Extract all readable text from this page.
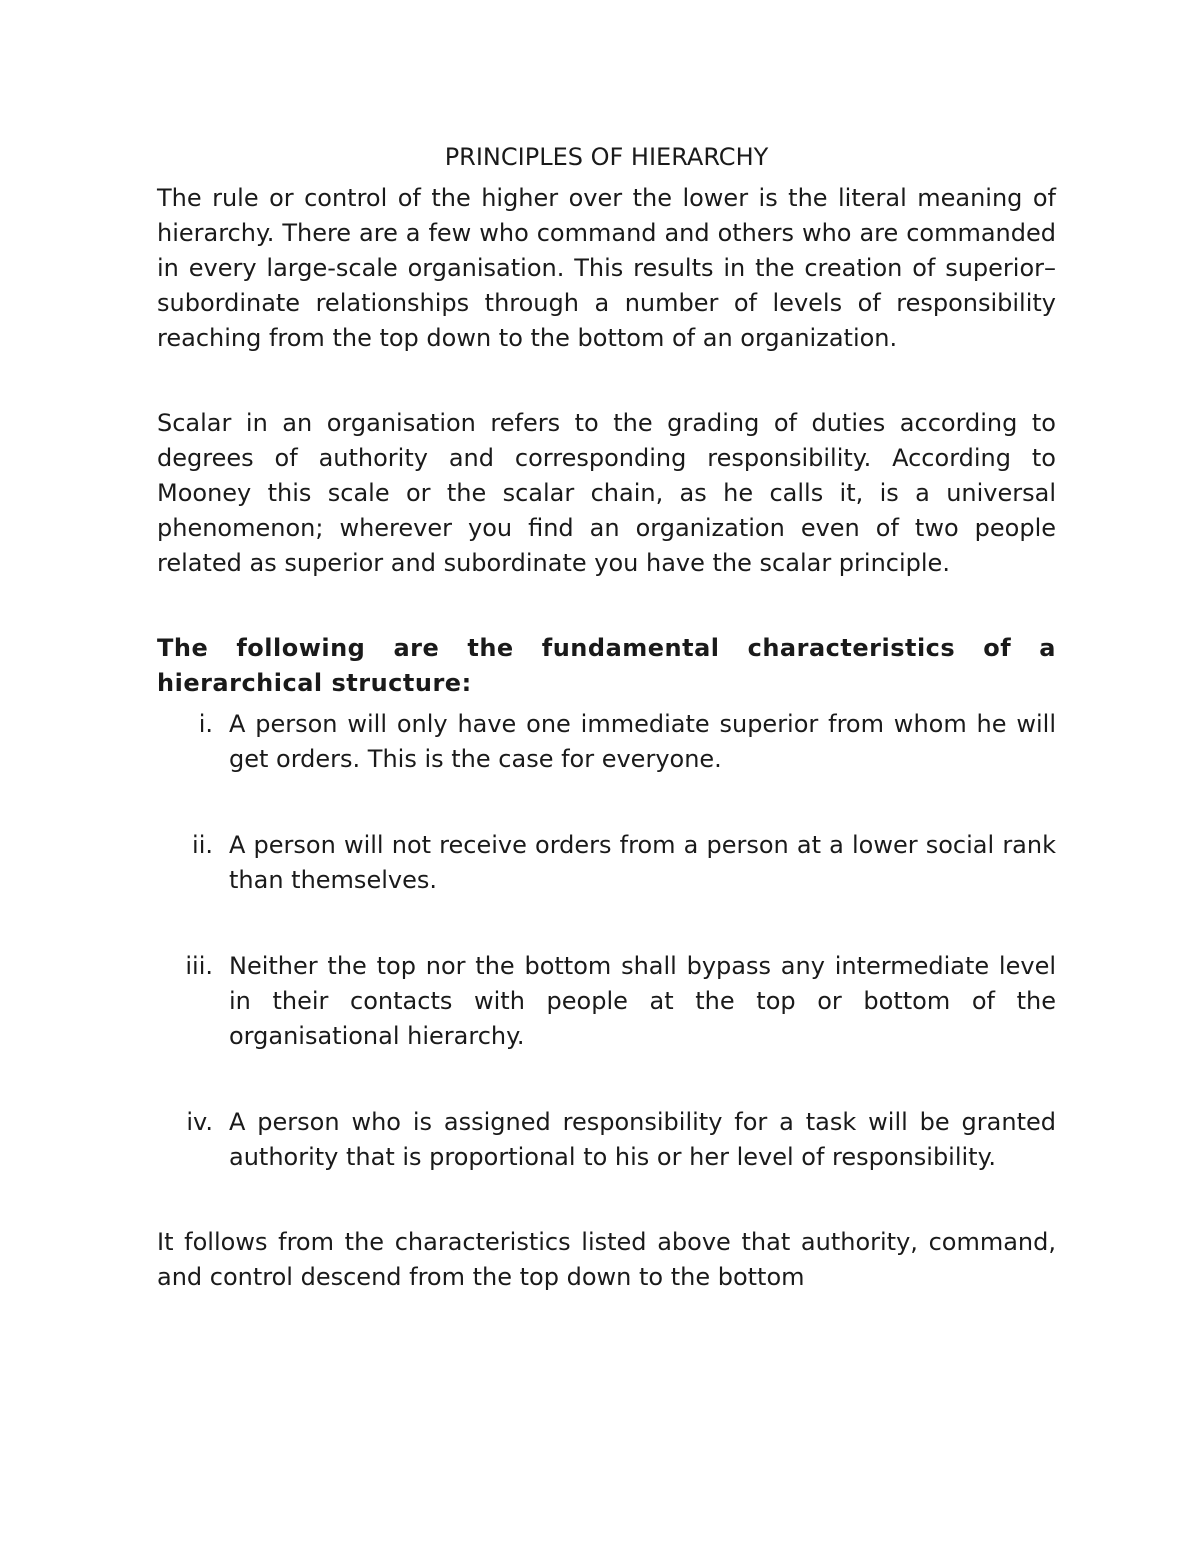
PRINCIPLES OF HIERARCHY

The rule or control of the higher over the lower is the literal meaning of hierarchy. There are a few who command and others who are commanded in every large-scale organisation. This results in the creation of superior–subordinate relationships through a number of levels of responsibility reaching from the top down to the bottom of an organization.

Scalar in an organisation refers to the grading of duties according to degrees of authority and corresponding responsibility. According to Mooney this scale or the scalar chain, as he calls it, is a universal phenomenon; wherever you find an organization even of two people related as superior and subordinate you have the scalar principle.

The following are the fundamental characteristics of a hierarchical structure:

i. A person will only have one immediate superior from whom he will get orders. This is the case for everyone.
ii. A person will not receive orders from a person at a lower social rank than themselves.
iii. Neither the top nor the bottom shall bypass any intermediate level in their contacts with people at the top or bottom of the organisational hierarchy.
iv. A person who is assigned responsibility for a task will be granted authority that is proportional to his or her level of responsibility.

It follows from the characteristics listed above that authority, command, and control descend from the top down to the bottom
